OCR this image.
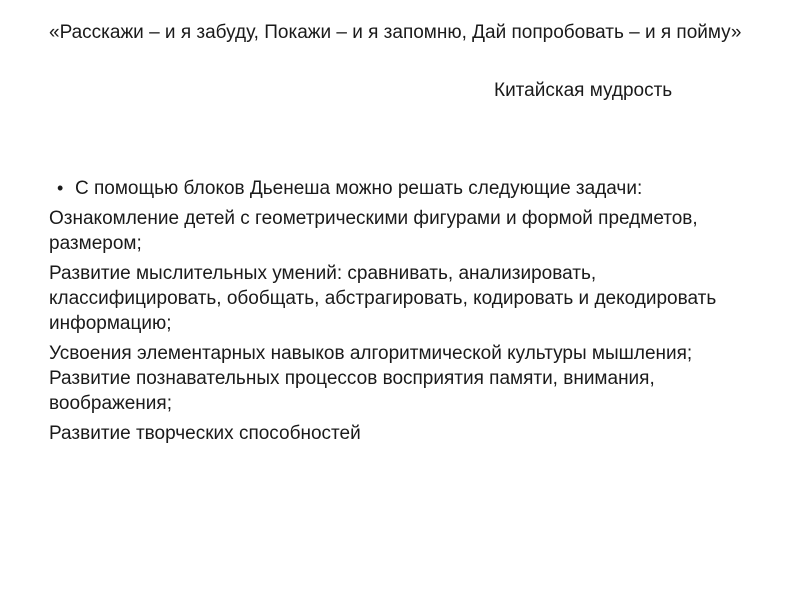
«Расскажи – и я забуду, Покажи – и я запомню, Дай попробовать – и я пойму»
Китайская мудрость
• С помощью блоков Дьенеша можно решать следующие задачи:

Ознакомление детей с геометрическими фигурами и формой предметов, размером;

Развитие мыслительных умений: сравнивать, анализировать, классифицировать, обобщать, абстрагировать, кодировать и декодировать информацию;

Усвоения элементарных навыков алгоритмической культуры мышления; Развитие познавательных процессов восприятия памяти, внимания, воображения;

Развитие творческих способностей
